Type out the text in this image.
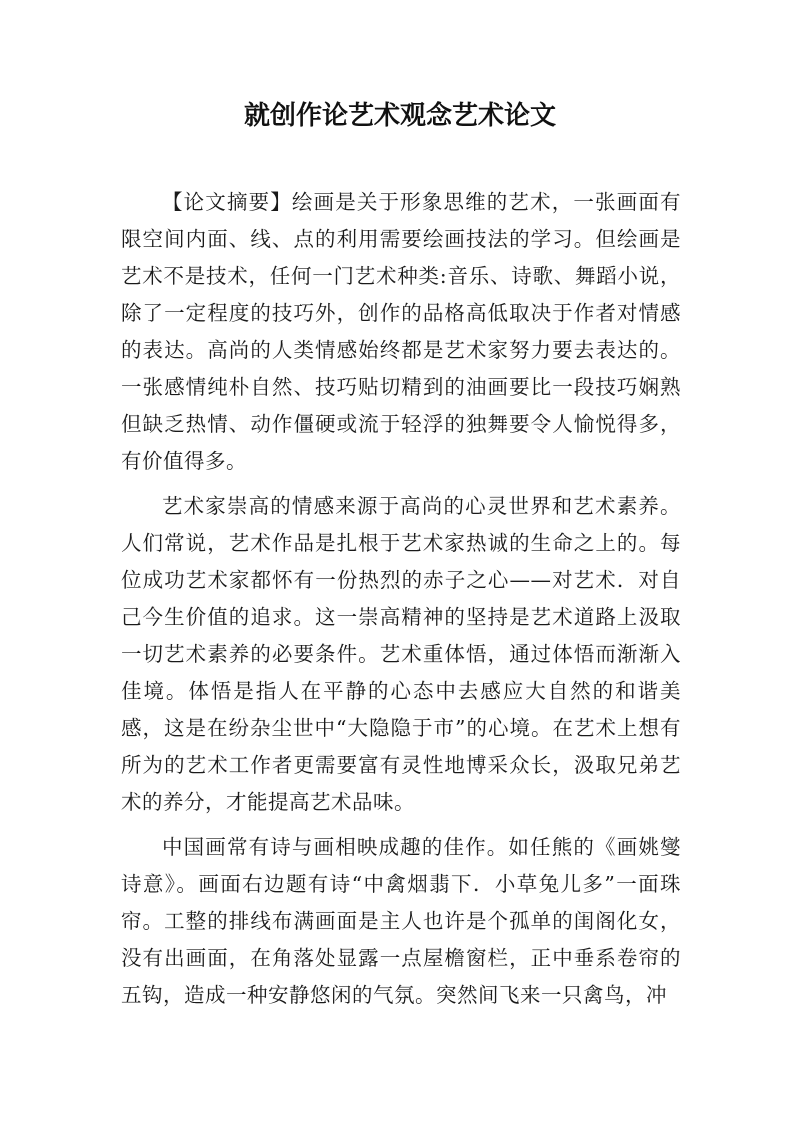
就创作论艺术观念艺术论文

【论文摘要】绘画是关于形象思维的艺术，一张画面有限空间内面、线、点的利用需要绘画技法的学习。但绘画是艺术不是技术，任何一门艺术种类:音乐、诗歌、舞蹈小说，除了一定程度的技巧外，创作的品格高低取决于作者对情感的表达。高尚的人类情感始终都是艺术家努力要去表达的。一张感情纯朴自然、技巧贴切精到的油画要比一段技巧娴熟但缺乏热情、动作僵硬或流于轻浮的独舞要令人愉悦得多，有价值得多。

艺术家崇高的情感来源于高尚的心灵世界和艺术素养。人们常说，艺术作品是扎根于艺术家热诚的生命之上的。每位成功艺术家都怀有一份热烈的赤子之心——对艺术．对自己今生价值的追求。这一崇高精神的坚持是艺术道路上汲取一切艺术素养的必要条件。艺术重体悟，通过体悟而渐渐入佳境。体悟是指人在平静的心态中去感应大自然的和谐美感，这是在纷杂尘世中“大隐隐于市”的心境。在艺术上想有所为的艺术工作者更需要富有灵性地博采众长，汲取兄弟艺术的养分，才能提高艺术品味。

中国画常有诗与画相映成趣的佳作。如任熊的《画姚燮诗意》。画面右边题有诗“中禽烟翡下．小草兔儿多”一面珠帘。工整的排线布满画面是主人也许是个孤单的闺阁化女，没有出画面，在角落处显露一点屋檐窗栏，正中垂系卷帘的五钩，造成一种安静悠闲的气氛。突然间飞来一只禽鸟，冲
